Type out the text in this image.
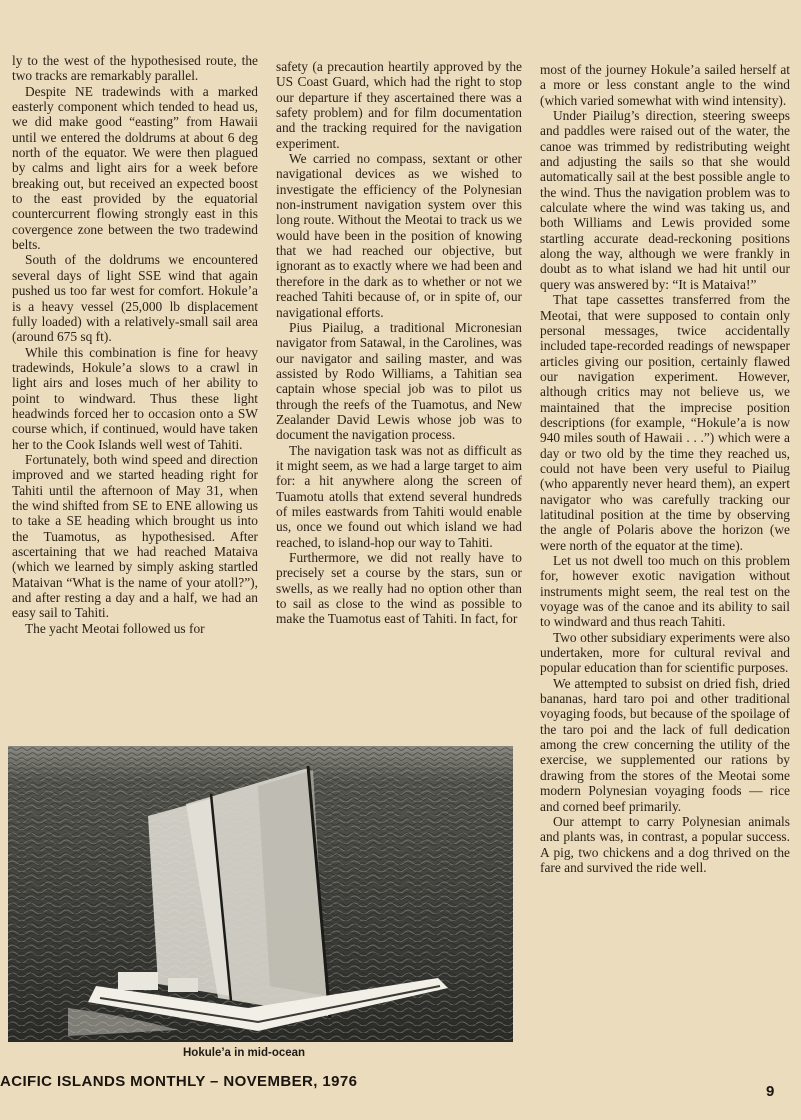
ly to the west of the hypothesised route, the two tracks are remarkably parallel.

Despite NE tradewinds with a marked easterly component which tended to head us, we did make good “easting” from Hawaii until we entered the doldrums at about 6 deg north of the equator. We were then plagued by calms and light airs for a week before breaking out, but received an expected boost to the east provided by the equatorial countercurrent flowing strongly east in this covergence zone between the two tradewind belts.

South of the doldrums we encountered several days of light SSE wind that again pushed us too far west for comfort. Hokule’a is a heavy vessel (25,000 lb displacement fully loaded) with a relatively-small sail area (around 675 sq ft).

While this combination is fine for heavy tradewinds, Hokule’a slows to a crawl in light airs and loses much of her ability to point to windward. Thus these light headwinds forced her to occasion onto a SW course which, if continued, would have taken her to the Cook Islands well west of Tahiti.

Fortunately, both wind speed and direction improved and we started heading right for Tahiti until the afternoon of May 31, when the wind shifted from SE to ENE allowing us to take a SE heading which brought us into the Tuamotus, as hypothesised. After ascertaining that we had reached Mataiva (which we learned by simply asking startled Mataivan “What is the name of your atoll?”), and after resting a day and a half, we had an easy sail to Tahiti.

The yacht Meotai followed us for

safety (a precaution heartily approved by the US Coast Guard, which had the right to stop our departure if they ascertained there was a safety problem) and for film documentation and the tracking required for the navigation experiment.

We carried no compass, sextant or other navigational devices as we wished to investigate the efficiency of the Polynesian non-instrument navigation system over this long route. Without the Meotai to track us we would have been in the position of knowing that we had reached our objective, but ignorant as to exactly where we had been and therefore in the dark as to whether or not we reached Tahiti because of, or in spite of, our navigational efforts.

Pius Piailug, a traditional Micronesian navigator from Satawal, in the Carolines, was our navigator and sailing master, and was assisted by Rodo Williams, a Tahitian sea captain whose special job was to pilot us through the reefs of the Tuamotus, and New Zealander David Lewis whose job was to document the navigation process.

The navigation task was not as difficult as it might seem, as we had a large target to aim for: a hit anywhere along the screen of Tuamotu atolls that extend several hundreds of miles eastwards from Tahiti would enable us, once we found out which island we had reached, to island-hop our way to Tahiti.

Furthermore, we did not really have to precisely set a course by the stars, sun or swells, as we really had no option other than to sail as close to the wind as possible to make the Tuamotus east of Tahiti. In fact, for

most of the journey Hokule’a sailed herself at a more or less constant angle to the wind (which varied somewhat with wind intensity).

Under Piailug’s direction, steering sweeps and paddles were raised out of the water, the canoe was trimmed by redistributing weight and adjusting the sails so that she would automatically sail at the best possible angle to the wind. Thus the navigation problem was to calculate where the wind was taking us, and both Williams and Lewis provided some startling accurate dead-reckoning positions along the way, although we were frankly in doubt as to what island we had hit until our query was answered by: “It is Mataiva!”

That tape cassettes transferred from the Meotai, that were supposed to contain only personal messages, twice accidentally included tape-recorded readings of newspaper articles giving our position, certainly flawed our navigation experiment. However, although critics may not believe us, we maintained that the imprecise position descriptions (for example, “Hokule’a is now 940 miles south of Hawaii . . .”) which were a day or two old by the time they reached us, could not have been very useful to Piailug (who apparently never heard them), an expert navigator who was carefully tracking our latitudinal position at the time by observing the angle of Polaris above the horizon (we were north of the equator at the time).

Let us not dwell too much on this problem for, however exotic navigation without instruments might seem, the real test on the voyage was of the canoe and its ability to sail to windward and thus reach Tahiti.

Two other subsidiary experiments were also undertaken, more for cultural revival and popular education than for scientific purposes.

We attempted to subsist on dried fish, dried bananas, hard taro poi and other traditional voyaging foods, but because of the spoilage of the taro poi and the lack of full dedication among the crew concerning the utility of the exercise, we supplemented our rations by drawing from the stores of the Meotai some modern Polynesian voyaging foods — rice and corned beef primarily.

Our attempt to carry Polynesian animals and plants was, in contrast, a popular success. A pig, two chickens and a dog thrived on the fare and survived the ride well.

Hokule’a in mid-ocean
ACIFIC ISLANDS MONTHLY – NOVEMBER, 1976
9
